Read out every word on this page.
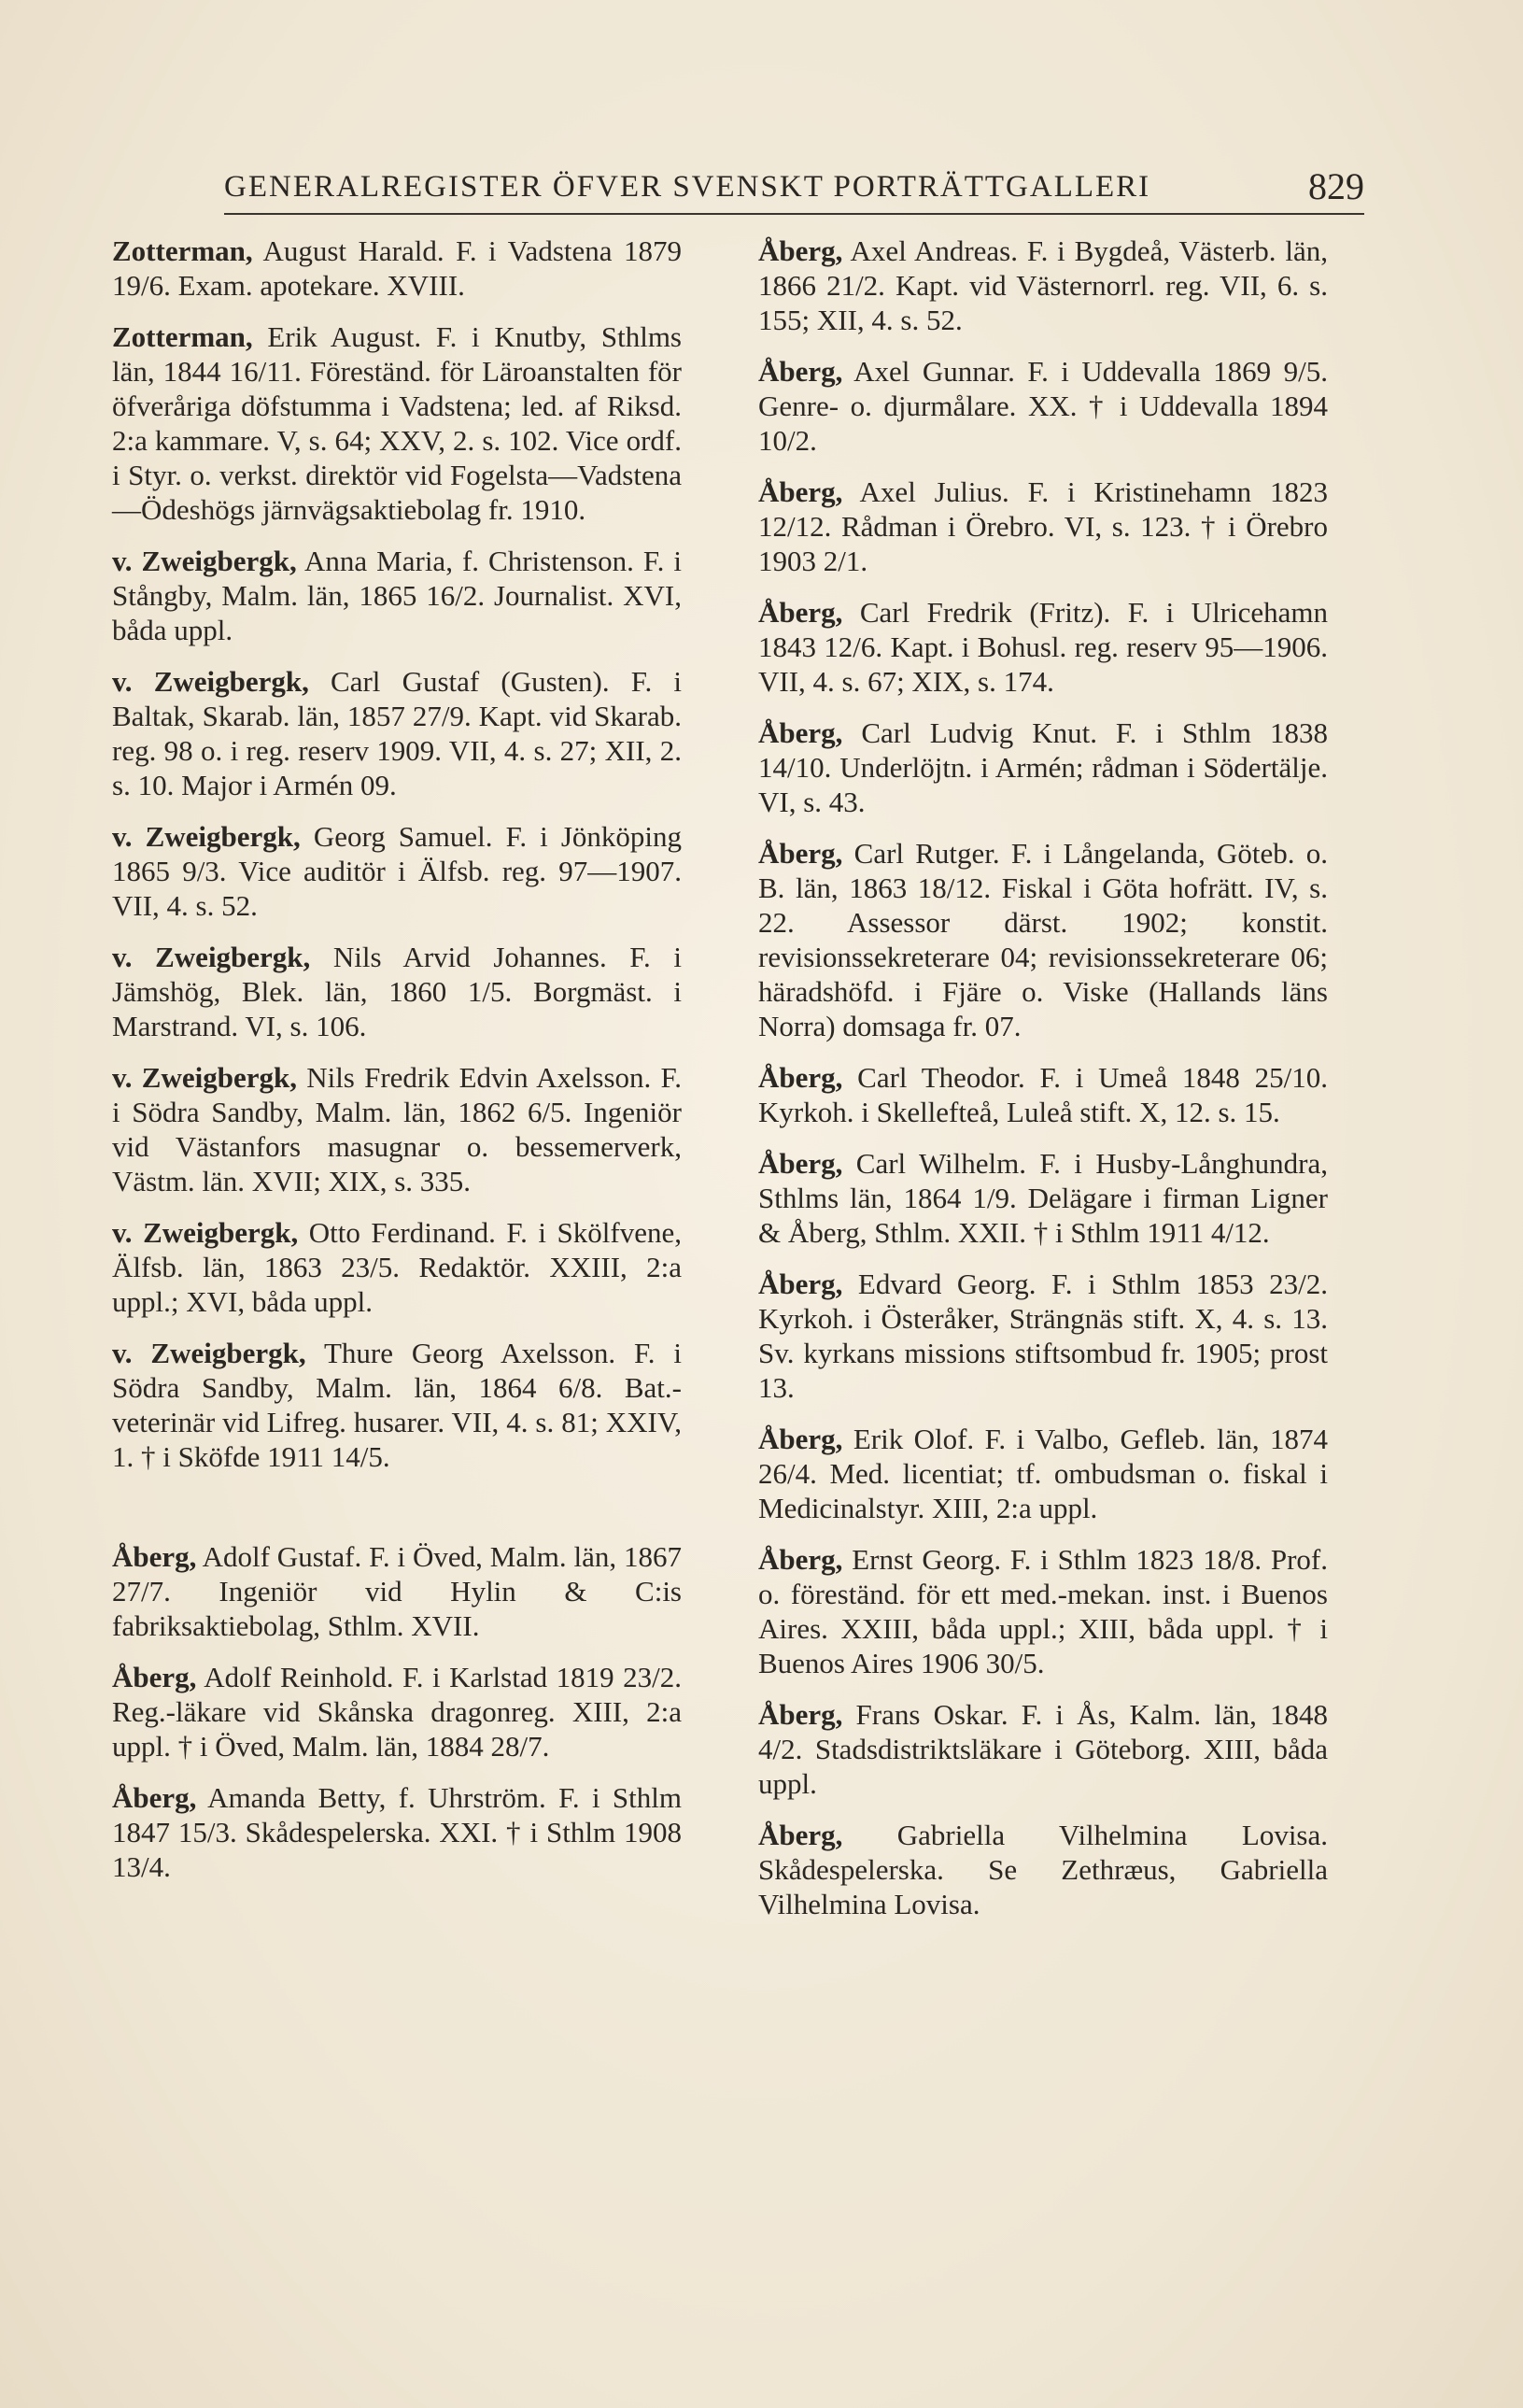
GENERALREGISTER ÖFVER SVENSKT PORTRÄTTGALLERI	829

Zotterman, August Harald. F. i Vadstena 1879 19/6. Exam. apotekare. XVIII.

Zotterman, Erik August. F. i Knutby, Sthlms län, 1844 16/11. Föreständ. för Läroanstalten för öfveråriga döfstumma i Vadstena; led. af Riksd. 2:a kammare. V, s. 64; XXV, 2. s. 102. Vice ordf. i Styr. o. verkst. direktör vid Fogelsta—Vadstena—Ödeshögs järnvägsaktiebolag fr. 1910.

v. Zweigbergk, Anna Maria, f. Christenson. F. i Stångby, Malm. län, 1865 16/2. Journalist. XVI, båda uppl.

v. Zweigbergk, Carl Gustaf (Gusten). F. i Baltak, Skarab. län, 1857 27/9. Kapt. vid Skarab. reg. 98 o. i reg. reserv 1909. VII, 4. s. 27; XII, 2. s. 10. Major i Armén 09.

v. Zweigbergk, Georg Samuel. F. i Jönköping 1865 9/3. Vice auditör i Älfsb. reg. 97—1907. VII, 4. s. 52.

v. Zweigbergk, Nils Arvid Johannes. F. i Jämshög, Blek. län, 1860 1/5. Borgmäst. i Marstrand. VI, s. 106.

v. Zweigbergk, Nils Fredrik Edvin Axelsson. F. i Södra Sandby, Malm. län, 1862 6/5. Ingeniör vid Västanfors masugnar o. bessemerverk, Västm. län. XVII; XIX, s. 335.

v. Zweigbergk, Otto Ferdinand. F. i Skölfvene, Älfsb. län, 1863 23/5. Redaktör. XXIII, 2:a uppl.; XVI, båda uppl.

v. Zweigbergk, Thure Georg Axelsson. F. i Södra Sandby, Malm. län, 1864 6/8. Bat.-veterinär vid Lifreg. husarer. VII, 4. s. 81; XXIV, 1. † i Sköfde 1911 14/5.

Åberg, Adolf Gustaf. F. i Öved, Malm. län, 1867 27/7. Ingeniör vid Hylin & C:is fabriksaktiebolag, Sthlm. XVII.

Åberg, Adolf Reinhold. F. i Karlstad 1819 23/2. Reg.-läkare vid Skånska dragonreg. XIII, 2:a uppl. † i Öved, Malm. län, 1884 28/7.

Åberg, Amanda Betty, f. Uhrström. F. i Sthlm 1847 15/3. Skådespelerska. XXI. † i Sthlm 1908 13/4.

Åberg, Axel Andreas. F. i Bygdeå, Västerb. län, 1866 21/2. Kapt. vid Västernorrl. reg. VII, 6. s. 155; XII, 4. s. 52.

Åberg, Axel Gunnar. F. i Uddevalla 1869 9/5. Genre- o. djurmålare. XX. † i Uddevalla 1894 10/2.

Åberg, Axel Julius. F. i Kristinehamn 1823 12/12. Rådman i Örebro. VI, s. 123. † i Örebro 1903 2/1.

Åberg, Carl Fredrik (Fritz). F. i Ulricehamn 1843 12/6. Kapt. i Bohusl. reg. reserv 95—1906. VII, 4. s. 67; XIX, s. 174.

Åberg, Carl Ludvig Knut. F. i Sthlm 1838 14/10. Underlöjtn. i Armén; rådman i Södertälje. VI, s. 43.

Åberg, Carl Rutger. F. i Långelanda, Göteb. o. B. län, 1863 18/12. Fiskal i Göta hofrätt. IV, s. 22. Assessor därst. 1902; konstit. revisionssekreterare 04; revisionssekreterare 06; häradshöfd. i Fjäre o. Viske (Hallands läns Norra) domsaga fr. 07.

Åberg, Carl Theodor. F. i Umeå 1848 25/10. Kyrkoh. i Skellefteå, Luleå stift. X, 12. s. 15.

Åberg, Carl Wilhelm. F. i Husby-Långhundra, Sthlms län, 1864 1/9. Delägare i firman Ligner & Åberg, Sthlm. XXII. † i Sthlm 1911 4/12.

Åberg, Edvard Georg. F. i Sthlm 1853 23/2. Kyrkoh. i Österåker, Strängnäs stift. X, 4. s. 13. Sv. kyrkans missions stiftsombud fr. 1905; prost 13.

Åberg, Erik Olof. F. i Valbo, Gefleb. län, 1874 26/4. Med. licentiat; tf. ombudsman o. fiskal i Medicinalstyr. XIII, 2:a uppl.

Åberg, Ernst Georg. F. i Sthlm 1823 18/8. Prof. o. föreständ. för ett med.-mekan. inst. i Buenos Aires. XXIII, båda uppl.; XIII, båda uppl. † i Buenos Aires 1906 30/5.

Åberg, Frans Oskar. F. i Ås, Kalm. län, 1848 4/2. Stadsdistriktsläkare i Göteborg. XIII, båda uppl.

Åberg, Gabriella Vilhelmina Lovisa. Skådespelerska. Se Zethræus, Gabriella Vilhelmina Lovisa.
